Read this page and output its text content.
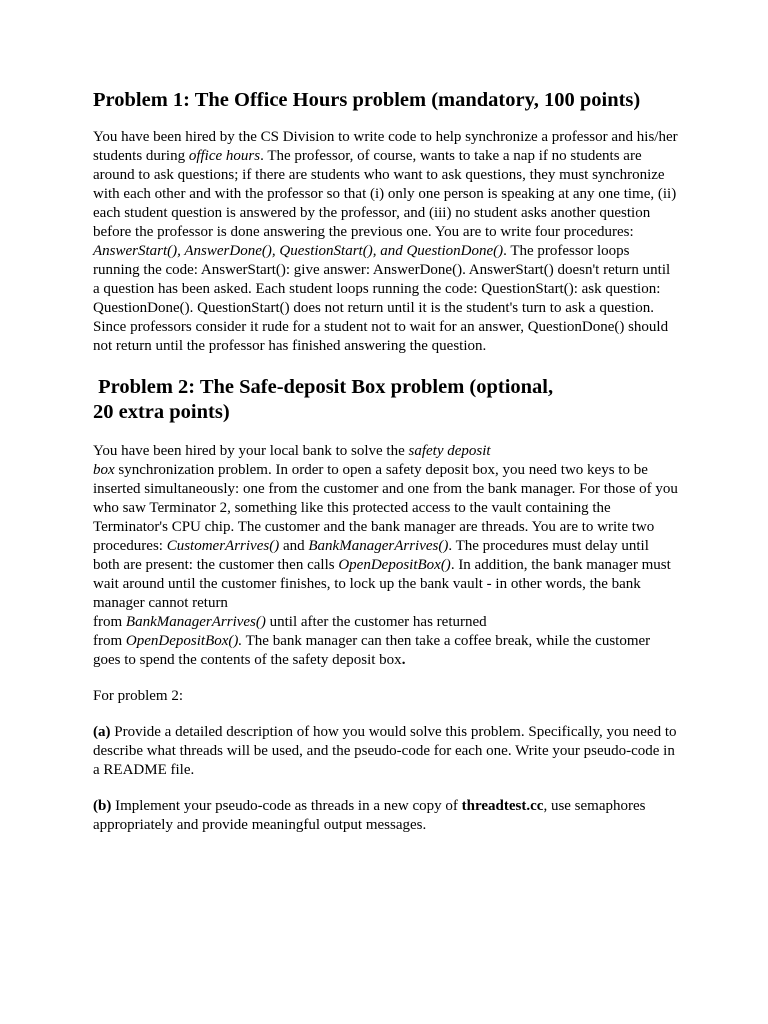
Problem 1: The Office Hours problem (mandatory, 100 points)

You have been hired by the CS Division to write code to help synchronize a professor and his/her students during office hours. The professor, of course, wants to take a nap if no students are around to ask questions; if there are students who want to ask questions, they must synchronize with each other and with the professor so that (i) only one person is speaking at any one time, (ii) each student question is answered by the professor, and (iii) no student asks another question before the professor is done answering the previous one. You are to write four procedures: AnswerStart(), AnswerDone(), QuestionStart(), and QuestionDone(). The professor loops running the code: AnswerStart(): give answer: AnswerDone(). AnswerStart() doesn't return until a question has been asked. Each student loops running the code: QuestionStart(): ask question: QuestionDone(). QuestionStart() does not return until it is the student's turn to ask a question. Since professors consider it rude for a student not to wait for an answer, QuestionDone() should not return until the professor has finished answering the question.

Problem 2: The Safe-deposit Box problem (optional,
20 extra points)

You have been hired by your local bank to solve the safety deposit
box synchronization problem. In order to open a safety deposit box, you need two keys to be inserted simultaneously: one from the customer and one from the bank manager. For those of you who saw Terminator 2, something like this protected access to the vault containing the Terminator's CPU chip. The customer and the bank manager are threads. You are to write two
procedures: CustomerArrives() and BankManagerArrives(). The procedures must delay until both are present: the customer then calls OpenDepositBox(). In addition, the bank manager must wait around until the customer finishes, to lock up the bank vault - in other words, the bank manager cannot return
from BankManagerArrives() until after the customer has returned
from OpenDepositBox(). The bank manager can then take a coffee break, while the customer goes to spend the contents of the safety deposit box.

For problem 2:

(a) Provide a detailed description of how you would solve this problem. Specifically, you need to describe what threads will be used, and the pseudo-code for each one. Write your pseudo-code in a README file.

(b) Implement your pseudo-code as threads in a new copy of threadtest.cc, use semaphores appropriately and provide meaningful output messages.
